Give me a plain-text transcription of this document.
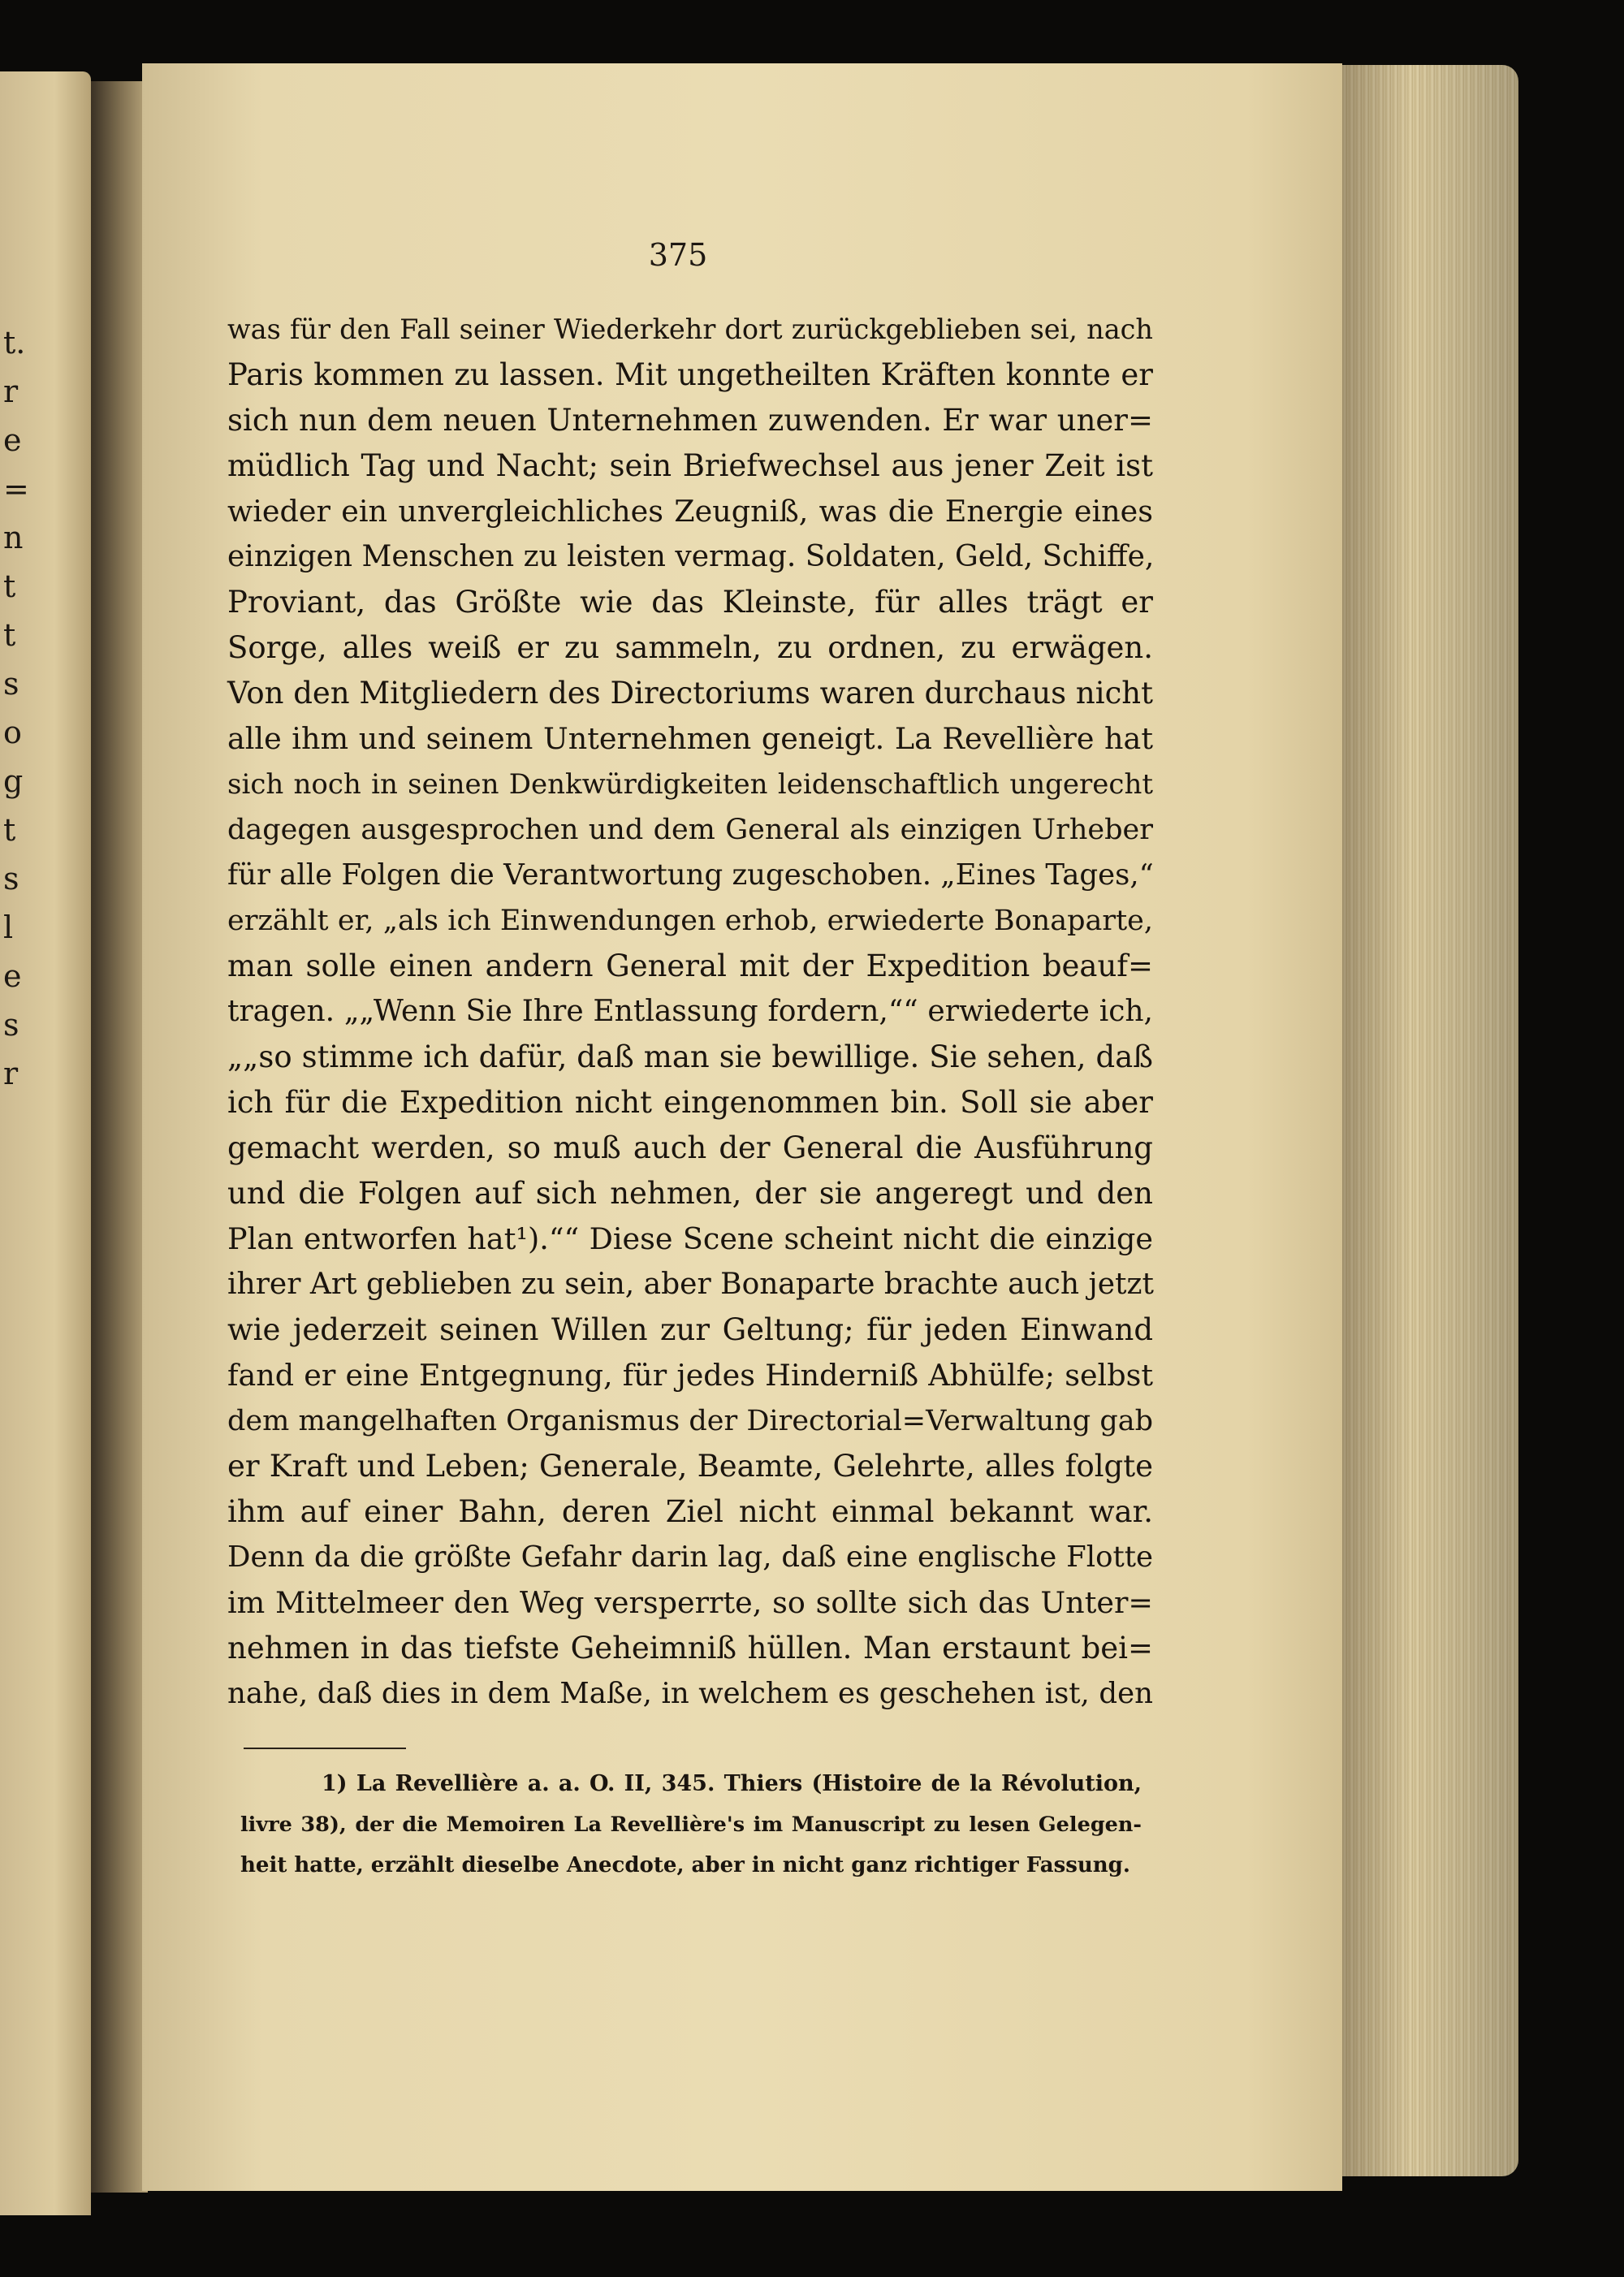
t.
r
e
=
n
t
t
s
o
g
t
s
l
e
s
r
375
was für den Fall seiner Wiederkehr dort zurückgeblieben sei, nach
Paris kommen zu lassen. Mit ungetheilten Kräften konnte er
sich nun dem neuen Unternehmen zuwenden. Er war uner=
müdlich Tag und Nacht; sein Briefwechsel aus jener Zeit ist
wieder ein unvergleichliches Zeugniß, was die Energie eines
einzigen Menschen zu leisten vermag. Soldaten, Geld, Schiffe,
Proviant, das Größte wie das Kleinste, für alles trägt er
Sorge, alles weiß er zu sammeln, zu ordnen, zu erwägen.
Von den Mitgliedern des Directoriums waren durchaus nicht
alle ihm und seinem Unternehmen geneigt. La Revellière hat
sich noch in seinen Denkwürdigkeiten leidenschaftlich ungerecht
dagegen ausgesprochen und dem General als einzigen Urheber
für alle Folgen die Verantwortung zugeschoben. „Eines Tages,“
erzählt er, „als ich Einwendungen erhob, erwiederte Bonaparte,
man solle einen andern General mit der Expedition beauf=
tragen. „„Wenn Sie Ihre Entlassung fordern,““ erwiederte ich,
„„so stimme ich dafür, daß man sie bewillige. Sie sehen, daß
ich für die Expedition nicht eingenommen bin. Soll sie aber
gemacht werden, so muß auch der General die Ausführung
und die Folgen auf sich nehmen, der sie angeregt und den
Plan entworfen hat¹).““ Diese Scene scheint nicht die einzige
ihrer Art geblieben zu sein, aber Bonaparte brachte auch jetzt
wie jederzeit seinen Willen zur Geltung; für jeden Einwand
fand er eine Entgegnung, für jedes Hinderniß Abhülfe; selbst
dem mangelhaften Organismus der Directorial=Verwaltung gab
er Kraft und Leben; Generale, Beamte, Gelehrte, alles folgte
ihm auf einer Bahn, deren Ziel nicht einmal bekannt war.
Denn da die größte Gefahr darin lag, daß eine englische Flotte
im Mittelmeer den Weg versperrte, so sollte sich das Unter=
nehmen in das tiefste Geheimniß hüllen. Man erstaunt bei=
nahe, daß dies in dem Maße, in welchem es geschehen ist, den
1) La Revellière a. a. O. II, 345. Thiers (Histoire de la Révolution,
livre 38), der die Memoiren La Revellière's im Manuscript zu lesen Gelegen-
heit hatte, erzählt dieselbe Anecdote, aber in nicht ganz richtiger Fassung.
